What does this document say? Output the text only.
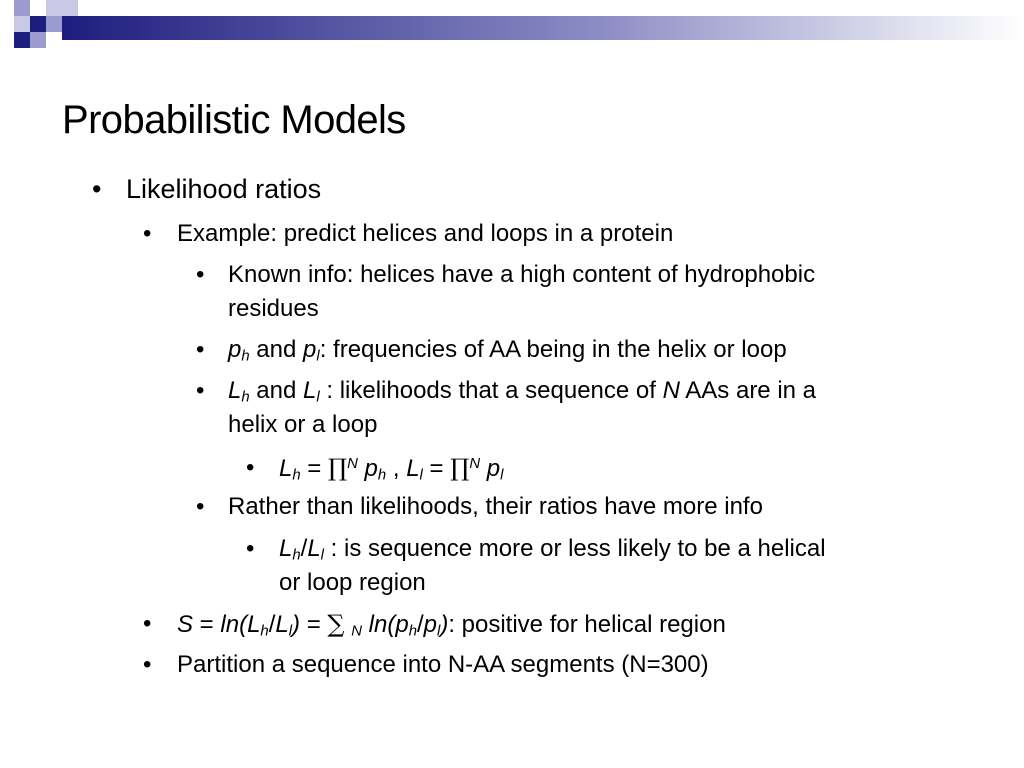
Probabilistic Models
• Likelihood ratios
• Example: predict helices and loops in a protein
• Known info: helices have a high content of hydrophobic
residues
• $p_h$ and $p_l$: frequencies of AA being in the helix or loop
• $L_h$ and $L_l$ : likelihoods that a sequence of N AAs are in a
helix or a loop
• $L_h$ = ∏$^N$ $p_h$ , $L_l$ = ∏$^N$ $p_l$
• Rather than likelihoods, their ratios have more info
• $L_h/L_l$ : is sequence more or less likely to be a helical
or loop region
• $S = \ln(L_h/L_l)$ = ∑ $_N$ $\ln(p_h/p_l)$: positive for helical region
• Partition a sequence into N-AA segments (N=300)
